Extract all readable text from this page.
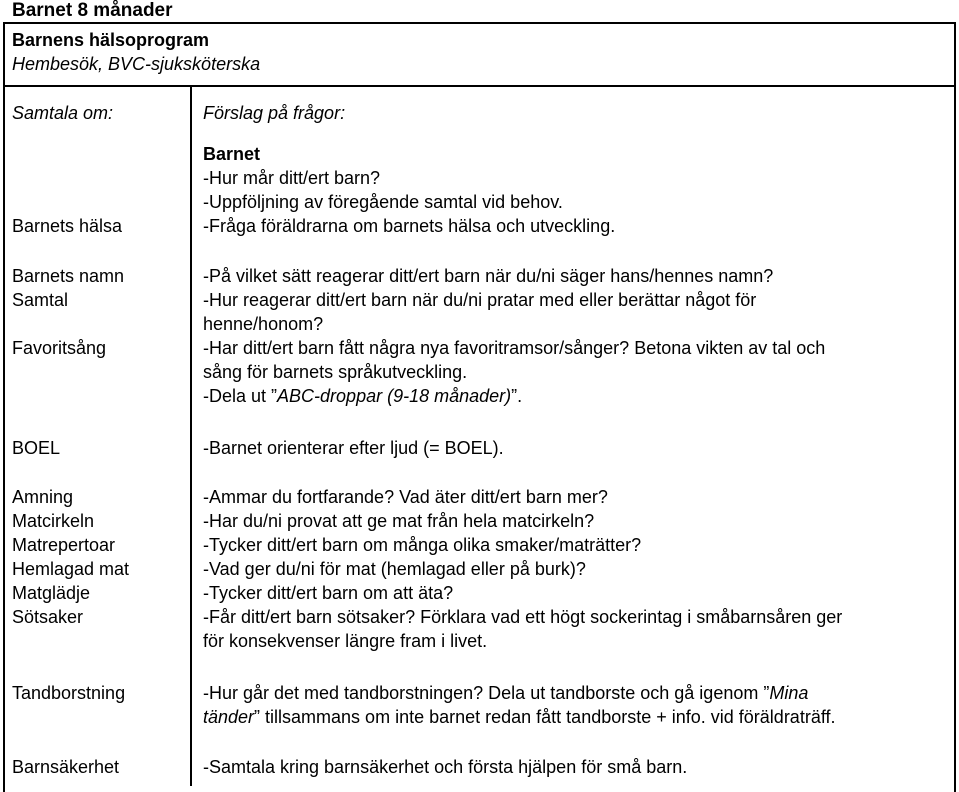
Barnet 8 månader
Barnens hälsoprogram
Hembesök, BVC-sjuksköterska
Samtala om:
Barnets hälsa
Barnets namn
Samtal
Favoritsång
BOEL
Amning
Matcirkeln
Matrepertoar
Hemlagad mat
Matglädje
Sötsaker
Tandborstning
Barnsäkerhet
Förslag på frågor:
Barnet
-Hur mår ditt/ert barn?
-Uppföljning av föregående samtal vid behov.
-Fråga föräldrarna om barnets hälsa och utveckling.
-På vilket sätt reagerar ditt/ert barn när du/ni säger hans/hennes namn?
-Hur reagerar ditt/ert barn när du/ni pratar med eller berättar något för
henne/honom?
-Har ditt/ert barn fått några nya favoritramsor/sånger? Betona vikten av tal och
sång för barnets språkutveckling.
-Dela ut ”ABC-droppar (9-18 månader)”.
-Barnet orienterar efter ljud (= BOEL).
-Ammar du fortfarande? Vad äter ditt/ert barn mer?
-Har du/ni provat att ge mat från hela matcirkeln?
-Tycker ditt/ert barn om många olika smaker/maträtter?
-Vad ger du/ni för mat (hemlagad eller på burk)?
-Tycker ditt/ert barn om att äta?
-Får ditt/ert barn sötsaker? Förklara vad ett högt sockerintag i småbarnsåren ger
för konsekvenser längre fram i livet.
-Hur går det med tandborstningen? Dela ut tandborste och gå igenom ”Mina
tänder” tillsammans om inte barnet redan fått tandborste + info. vid föräldraträff.
-Samtala kring barnsäkerhet och första hjälpen för små barn.
